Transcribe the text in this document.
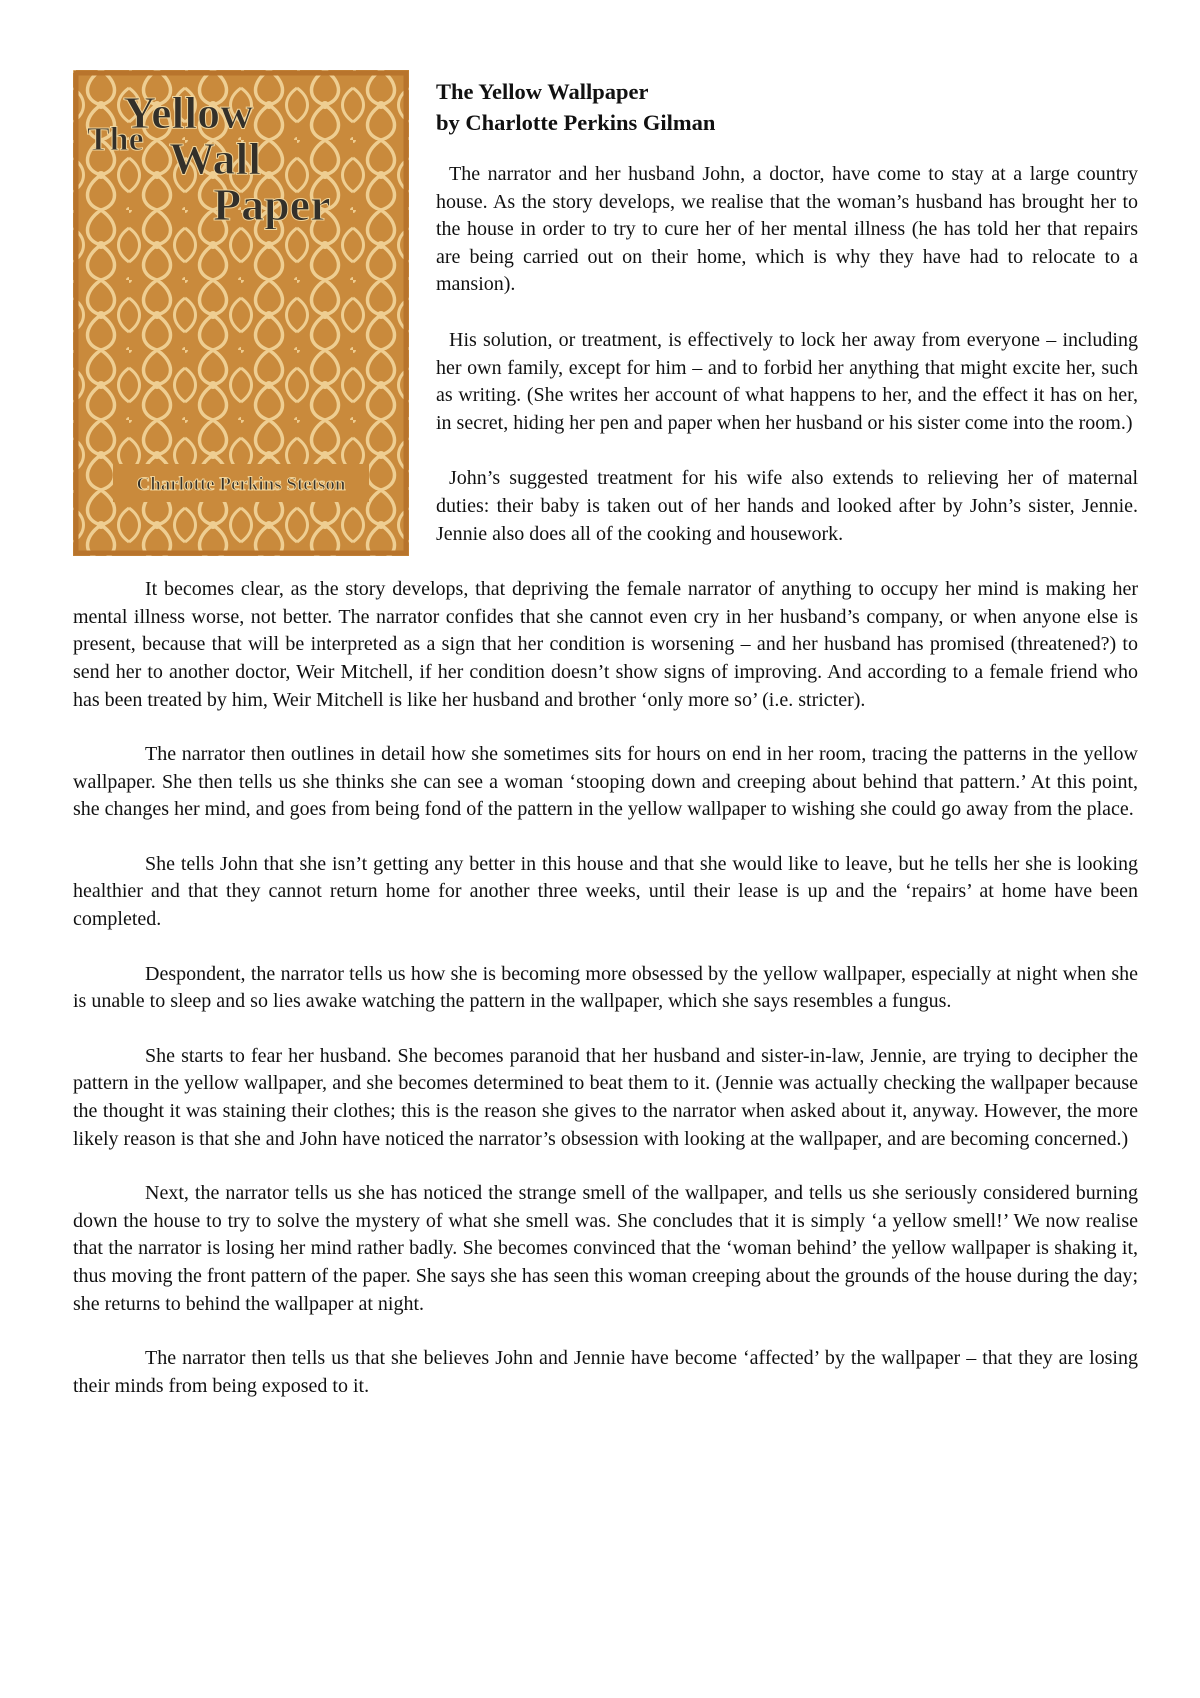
The
Yellow
Wall
Paper
Charlotte Perkins Stetson
The Yellow Wallpaper
by Charlotte Perkins Gilman

The narrator and her husband John, a doctor, have come to stay at a large country house. As the story develops, we realise that the woman’s husband has brought her to the house in order to try to cure her of her mental illness (he has told her that repairs are being carried out on their home, which is why they have had to relocate to a mansion).

His solution, or treatment, is effectively to lock her away from everyone – including her own family, except for him – and to forbid her anything that might excite her, such as writing. (She writes her account of what happens to her, and the effect it has on her, in secret, hiding her pen and paper when her husband or his sister come into the room.)

John’s suggested treatment for his wife also extends to relieving her of maternal duties: their baby is taken out of her hands and looked after by John’s sister, Jennie. Jennie also does all of the cooking and housework.

It becomes clear, as the story develops, that depriving the female narrator of anything to occupy her mind is making her mental illness worse, not better. The narrator confides that she cannot even cry in her husband’s company, or when anyone else is present, because that will be interpreted as a sign that her condition is worsening – and her husband has promised (threatened?) to send her to another doctor, Weir Mitchell, if her condition doesn’t show signs of improving. And according to a female friend who has been treated by him, Weir Mitchell is like her husband and brother ‘only more so’ (i.e. stricter).

The narrator then outlines in detail how she sometimes sits for hours on end in her room, tracing the patterns in the yellow wallpaper. She then tells us she thinks she can see a woman ‘stooping down and creeping about behind that pattern.’ At this point, she changes her mind, and goes from being fond of the pattern in the yellow wallpaper to wishing she could go away from the place.

She tells John that she isn’t getting any better in this house and that she would like to leave, but he tells her she is looking healthier and that they cannot return home for another three weeks, until their lease is up and the ‘repairs’ at home have been completed.

Despondent, the narrator tells us how she is becoming more obsessed by the yellow wallpaper, especially at night when she is unable to sleep and so lies awake watching the pattern in the wallpaper, which she says resembles a fungus.

She starts to fear her husband. She becomes paranoid that her husband and sister-in-law, Jennie, are trying to decipher the pattern in the yellow wallpaper, and she becomes determined to beat them to it. (Jennie was actually checking the wallpaper because the thought it was staining their clothes; this is the reason she gives to the narrator when asked about it, anyway. However, the more likely reason is that she and John have noticed the narrator’s obsession with looking at the wallpaper, and are becoming concerned.)

Next, the narrator tells us she has noticed the strange smell of the wallpaper, and tells us she seriously considered burning down the house to try to solve the mystery of what she smell was. She concludes that it is simply ‘a yellow smell!’ We now realise that the narrator is losing her mind rather badly. She becomes convinced that the ‘woman behind’ the yellow wallpaper is shaking it, thus moving the front pattern of the paper. She says she has seen this woman creeping about the grounds of the house during the day; she returns to behind the wallpaper at night.

The narrator then tells us that she believes John and Jennie have become ‘affected’ by the wallpaper – that they are losing their minds from being exposed to it.
